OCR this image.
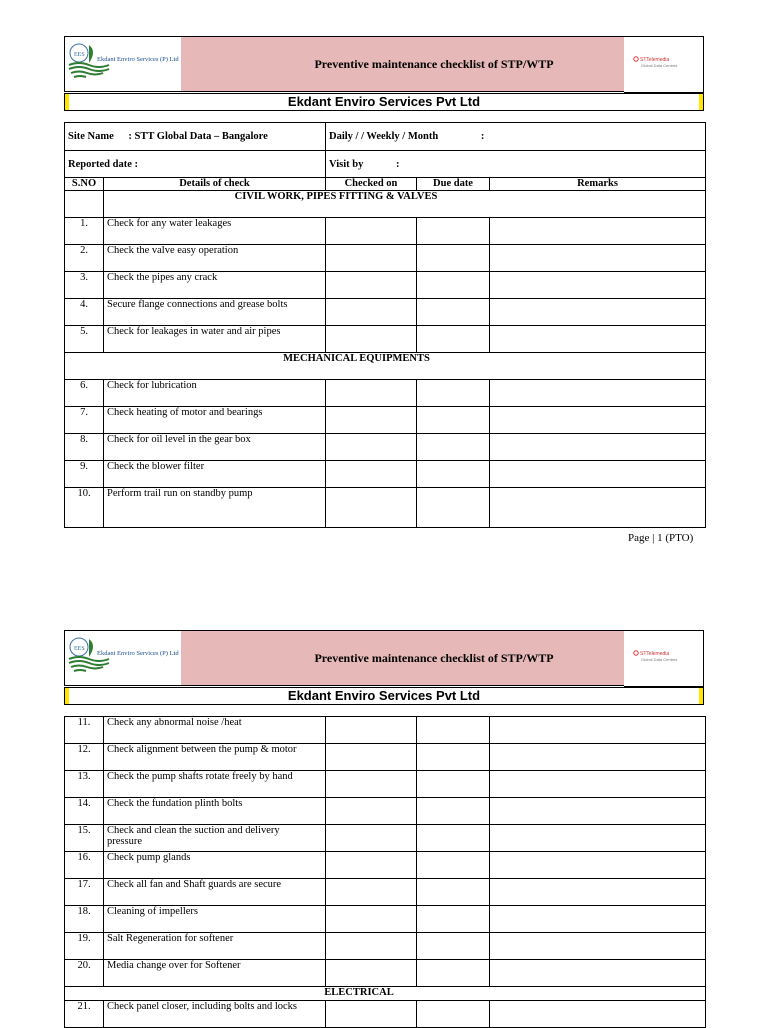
EES
Ekdant Enviro Services (P) Ltd	Preventive maintenance checklist of STP/WTP	STTelemedia
Global Data Centres
Ekdant Enviro Services Pvt Ltd
Site Name : STT Global Data – Bangalore		Daily / / Weekly / Month :		
Reported date :		Visit by :		
S.NO	Details of check	Checked on	Due date	Remarks
	CIVIL WORK, PIPES FITTING & VALVES			
1.	Check for any water leakages			
2.	Check the valve easy operation			
3.	Check the pipes any crack			
4.	Secure flange connections and grease bolts			
5.	Check for leakages in water and air pipes			
MECHANICAL EQUIPMENTS				
6.	Check for lubrication			
7.	Check heating of motor and bearings			
8.	Check for oil level in the gear box			
9.	Check the blower filter			
10.	Perform trail run on standby pump			
Page | 1 (PTO)
EES
Ekdant Enviro Services (P) Ltd	Preventive maintenance checklist of STP/WTP	STTelemedia
Global Data Centres
Ekdant Enviro Services Pvt Ltd
11.	Check any abnormal noise /heat			
12.	Check alignment between the pump & motor			
13.	Check the pump shafts rotate freely by hand			
14.	Check the fundation plinth bolts			
15.	Check and clean the suction and delivery
pressure			

16.	Check pump glands			
17.	Check all fan and Shaft guards are secure			
18.	Cleaning of impellers			
19.	Salt Regeneration for softener			
20.	Media change over for Softener			
ELECTRICAL				
21.	Check panel closer, including bolts and locks			
